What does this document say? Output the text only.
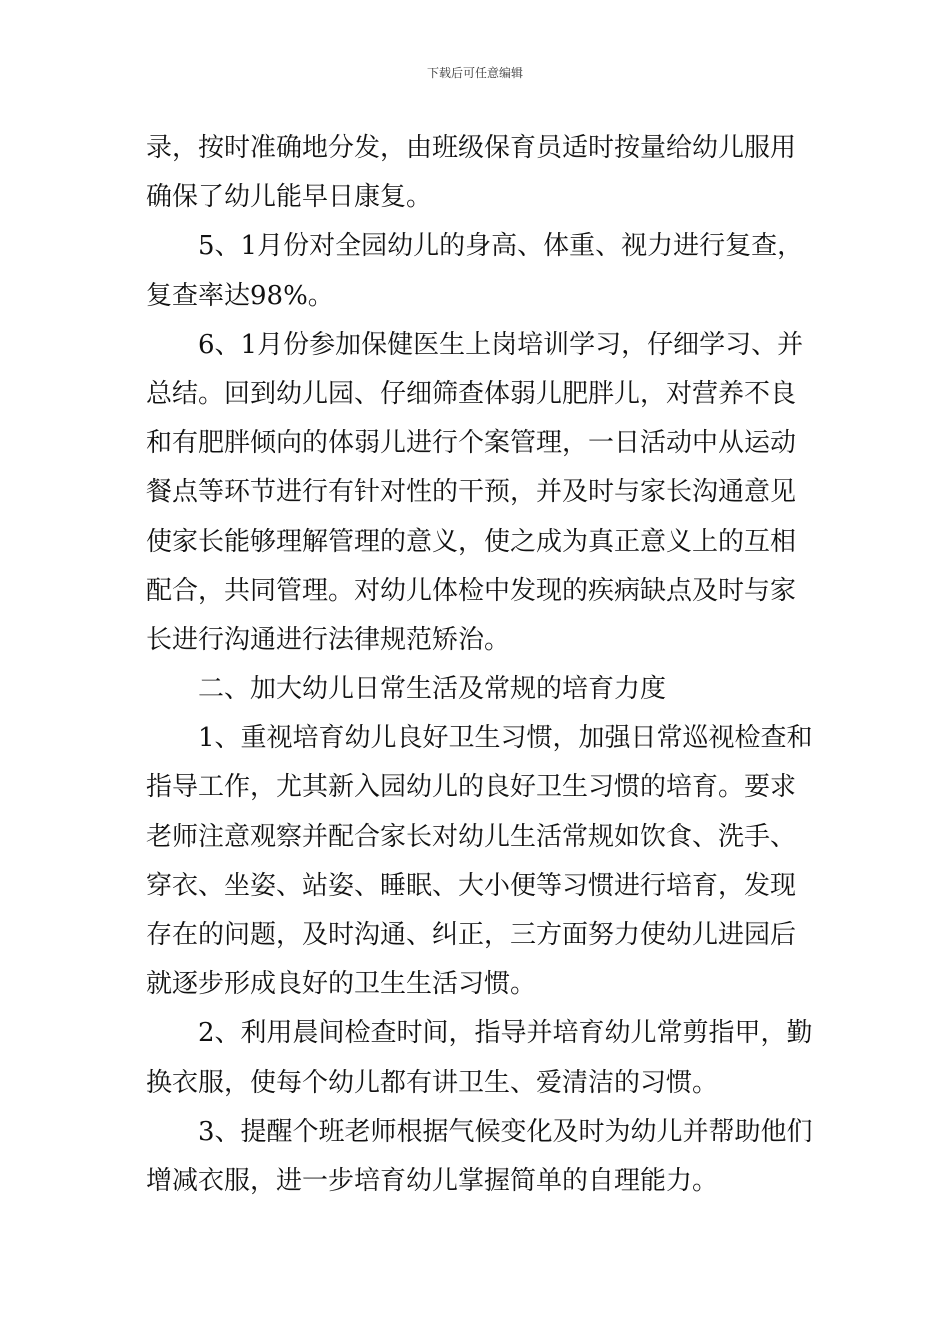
下载后可任意编辑
录，按时准确地分发，由班级保育员适时按量给幼儿服用
确保了幼儿能早日康复。
5、1月份对全园幼儿的身高、体重、视力进行复查，
复查率达98%。
6、1月份参加保健医生上岗培训学习，仔细学习、并
总结。回到幼儿园、仔细筛查体弱儿肥胖儿，对营养不良
和有肥胖倾向的体弱儿进行个案管理，一日活动中从运动
餐点等环节进行有针对性的干预，并及时与家长沟通意见
使家长能够理解管理的意义，使之成为真正意义上的互相
配合，共同管理。对幼儿体检中发现的疾病缺点及时与家
长进行沟通进行法律规范矫治。
二、加大幼儿日常生活及常规的培育力度
1、重视培育幼儿良好卫生习惯，加强日常巡视检查和
指导工作，尤其新入园幼儿的良好卫生习惯的培育。要求
老师注意观察并配合家长对幼儿生活常规如饮食、洗手、
穿衣、坐姿、站姿、睡眠、大小便等习惯进行培育，发现
存在的问题，及时沟通、纠正，三方面努力使幼儿进园后
就逐步形成良好的卫生生活习惯。
2、利用晨间检查时间，指导并培育幼儿常剪指甲，勤
换衣服，使每个幼儿都有讲卫生、爱清洁的习惯。
3、提醒个班老师根据气候变化及时为幼儿并帮助他们
增减衣服，进一步培育幼儿掌握简单的自理能力。
